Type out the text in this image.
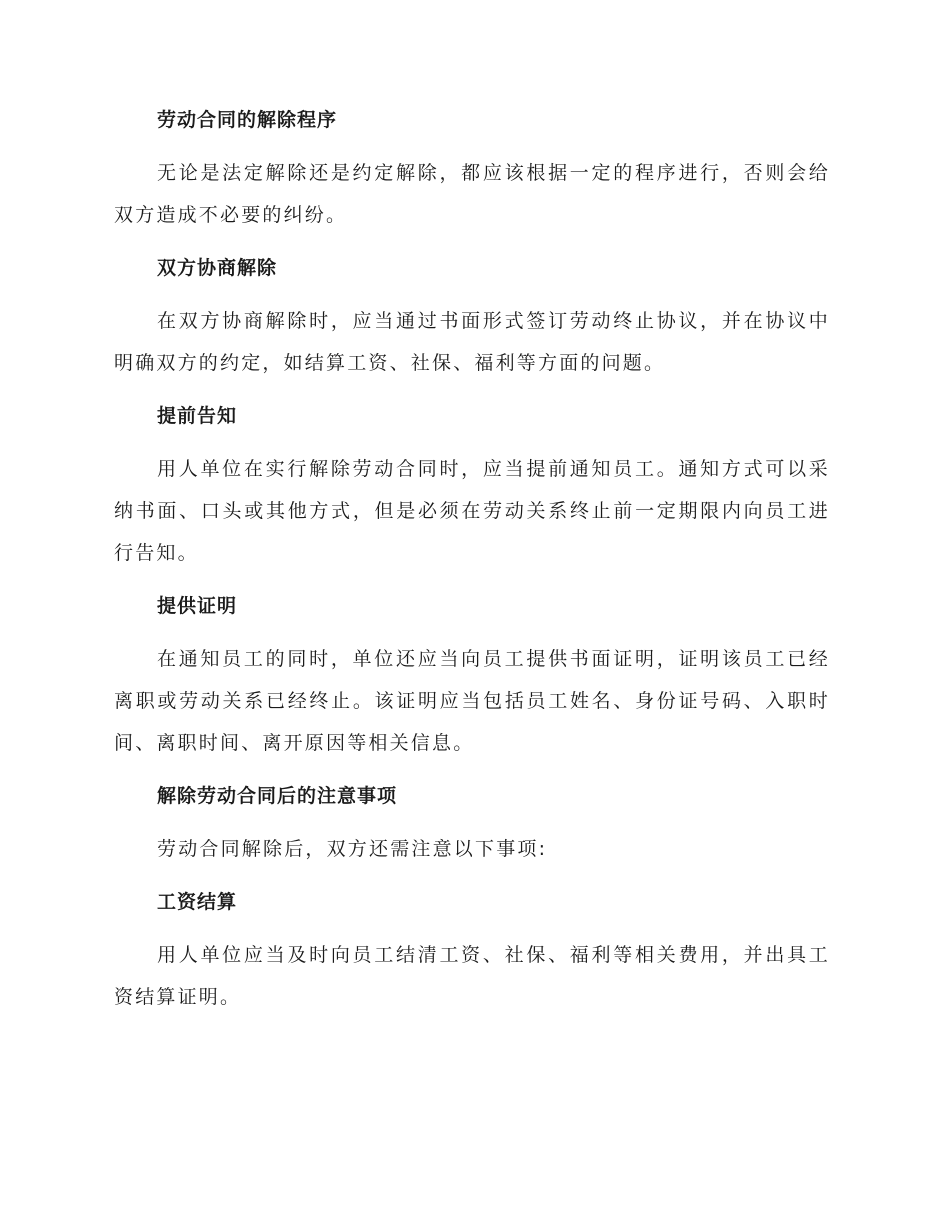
劳动合同的解除程序

无论是法定解除还是约定解除，都应该根据一定的程序进行，否则会给双方造成不必要的纠纷。

双方协商解除

在双方协商解除时，应当通过书面形式签订劳动终止协议，并在协议中明确双方的约定，如结算工资、社保、福利等方面的问题。

提前告知

用人单位在实行解除劳动合同时，应当提前通知员工。通知方式可以采纳书面、口头或其他方式，但是必须在劳动关系终止前一定期限内向员工进行告知。

提供证明

在通知员工的同时，单位还应当向员工提供书面证明，证明该员工已经离职或劳动关系已经终止。该证明应当包括员工姓名、身份证号码、入职时间、离职时间、离开原因等相关信息。

解除劳动合同后的注意事项

劳动合同解除后，双方还需注意以下事项:

工资结算

用人单位应当及时向员工结清工资、社保、福利等相关费用，并出具工资结算证明。
